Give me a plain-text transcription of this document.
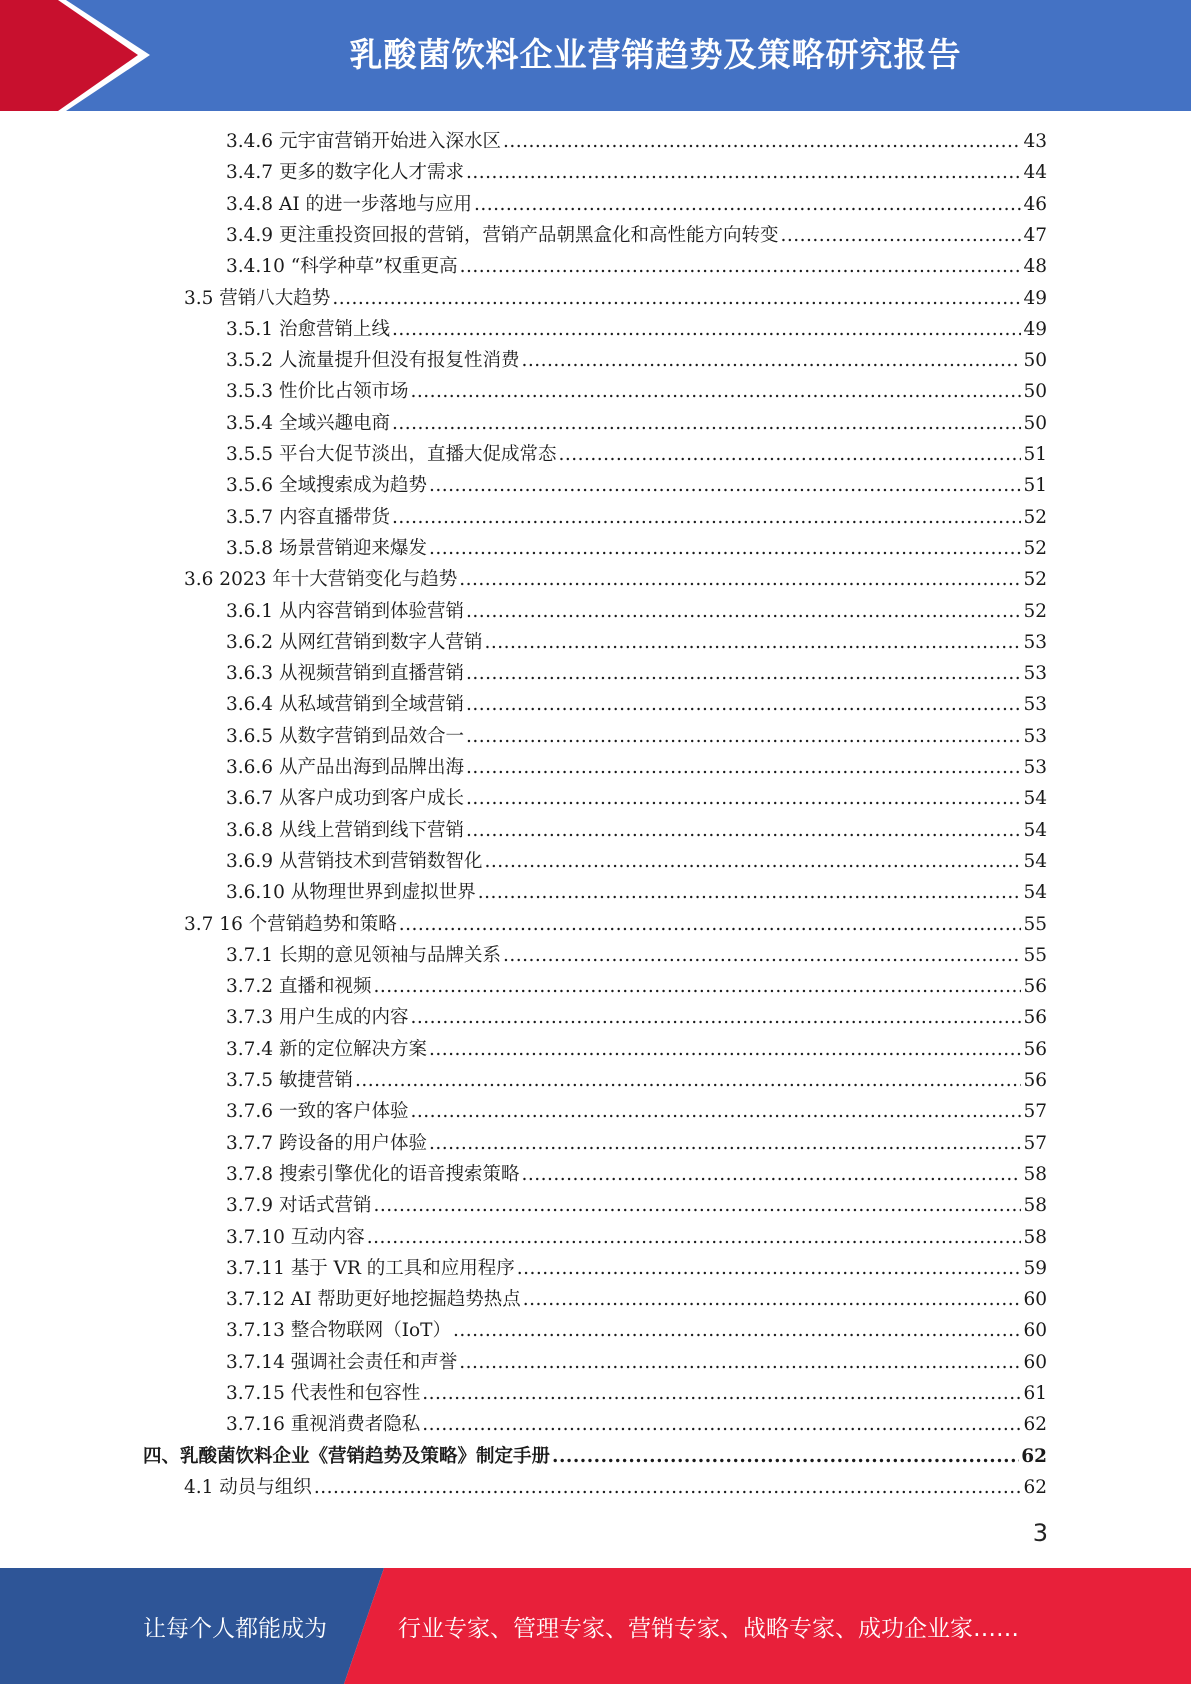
乳酸菌饮料企业营销趋势及策略研究报告
3.4.6 元宇宙营销开始进入深水区 .....	43
3.4.7 更多的数字化人才需求 .....	44
3.4.8 AI 的进一步落地与应用 .....	46
3.4.9 更注重投资回报的营销，营销产品朝黑盒化和高性能方向转变 .....	47
3.4.10 “科学种草”权重更高 .....	48
3.5 营销八大趋势 .....	49
3.5.1 治愈营销上线 .....	49
3.5.2 人流量提升但没有报复性消费 .....	50
3.5.3 性价比占领市场 .....	50
3.5.4 全域兴趣电商 .....	50
3.5.5 平台大促节淡出，直播大促成常态 .....	51
3.5.6 全域搜索成为趋势 .....	51
3.5.7 内容直播带货 .....	52
3.5.8 场景营销迎来爆发 .....	52
3.6 2023 年十大营销变化与趋势 .....	52
3.6.1 从内容营销到体验营销 .....	52
3.6.2 从网红营销到数字人营销 .....	53
3.6.3 从视频营销到直播营销 .....	53
3.6.4 从私域营销到全域营销 .....	53
3.6.5 从数字营销到品效合一 .....	53
3.6.6 从产品出海到品牌出海 .....	53
3.6.7 从客户成功到客户成长 .....	54
3.6.8 从线上营销到线下营销 .....	54
3.6.9 从营销技术到营销数智化 .....	54
3.6.10 从物理世界到虚拟世界 .....	54
3.7 16 个营销趋势和策略 .....	55
3.7.1 长期的意见领袖与品牌关系 .....	55
3.7.2 直播和视频 .....	56
3.7.3 用户生成的内容 .....	56
3.7.4 新的定位解决方案 .....	56
3.7.5 敏捷营销 .....	56
3.7.6 一致的客户体验 .....	57
3.7.7 跨设备的用户体验 .....	57
3.7.8 搜索引擎优化的语音搜索策略 .....	58
3.7.9 对话式营销 .....	58
3.7.10 互动内容 .....	58
3.7.11 基于 VR 的工具和应用程序 .....	59
3.7.12 AI 帮助更好地挖掘趋势热点 .....	60
3.7.13 整合物联网（IoT） .....	60
3.7.14 强调社会责任和声誉 .....	60
3.7.15 代表性和包容性 .....	61
3.7.16 重视消费者隐私 .....	62
四、乳酸菌饮料企业《营销趋势及策略》制定手册 .....	62
4.1 动员与组织 .....	62
3
让每个人都能成为	行业专家、管理专家、营销专家、战略专家、成功企业家……
